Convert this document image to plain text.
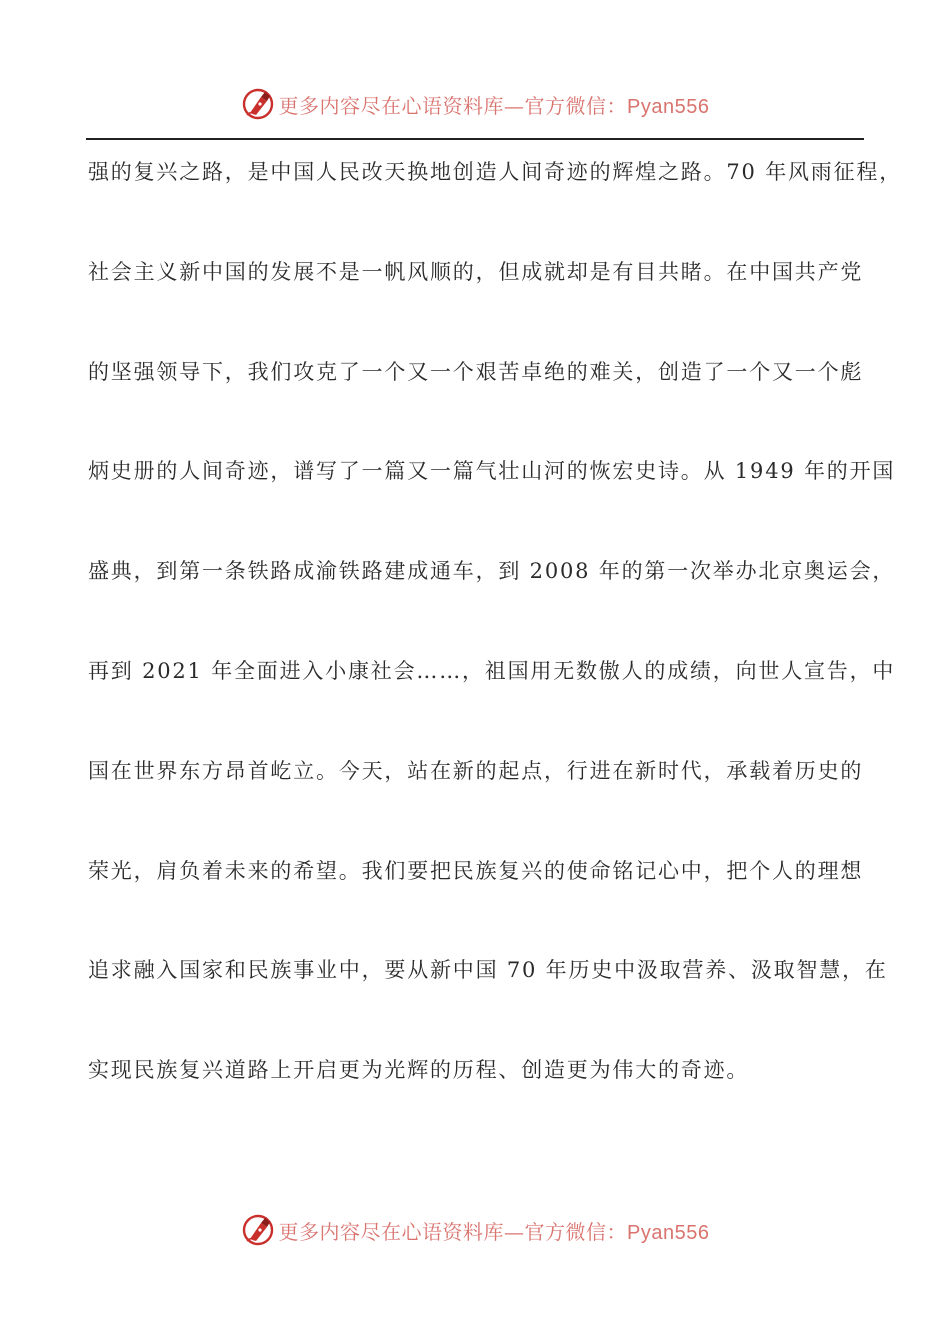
更多内容尽在心语资料库—官方微信：Pyan556
强的复兴之路，是中国人民改天换地创造人间奇迹的辉煌之路。70 年风雨征程，
社会主义新中国的发展不是一帆风顺的，但成就却是有目共睹。在中国共产党
的坚强领导下，我们攻克了一个又一个艰苦卓绝的难关，创造了一个又一个彪
炳史册的人间奇迹，谱写了一篇又一篇气壮山河的恢宏史诗。从 1949 年的开国
盛典，到第一条铁路成渝铁路建成通车，到 2008 年的第一次举办北京奥运会，
再到 2021 年全面进入小康社会……，祖国用无数傲人的成绩，向世人宣告，中
国在世界东方昂首屹立。今天，站在新的起点，行进在新时代，承载着历史的
荣光，肩负着未来的希望。我们要把民族复兴的使命铭记心中，把个人的理想
追求融入国家和民族事业中，要从新中国 70 年历史中汲取营养、汲取智慧，在
实现民族复兴道路上开启更为光辉的历程、创造更为伟大的奇迹。
更多内容尽在心语资料库—官方微信：Pyan556
